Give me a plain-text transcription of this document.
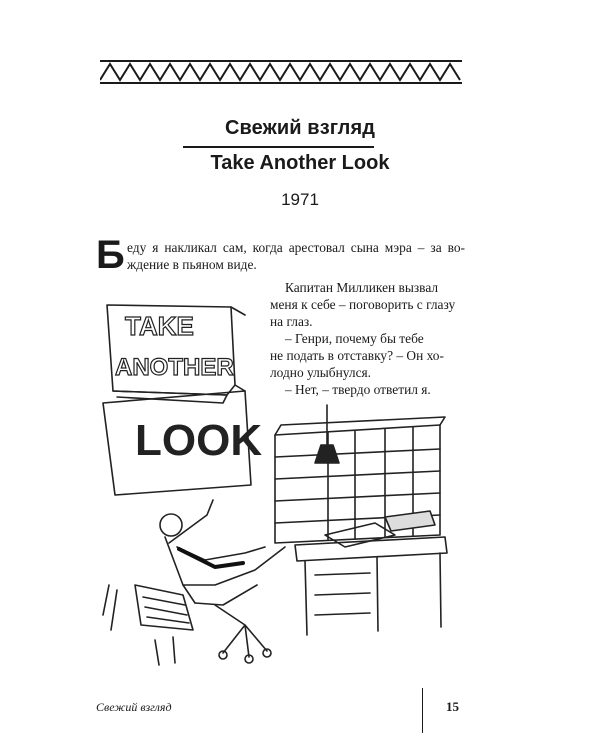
Свежий взгляд
Take Another Look
1971
Б еду я накликал сам, когда арестовал сына мэра – за во-
ждение в пьяном виде.
Капитан Милликен вызвал
меня к себе – поговорить с глазу
на глаз.
– Генри, почему бы тебе
не подать в отставку? – Он хо-
лодно улыбнулся.
– Нет, – твердо ответил я.
TAKE
ANOTHER
LOOK
Свежий взгляд	15
